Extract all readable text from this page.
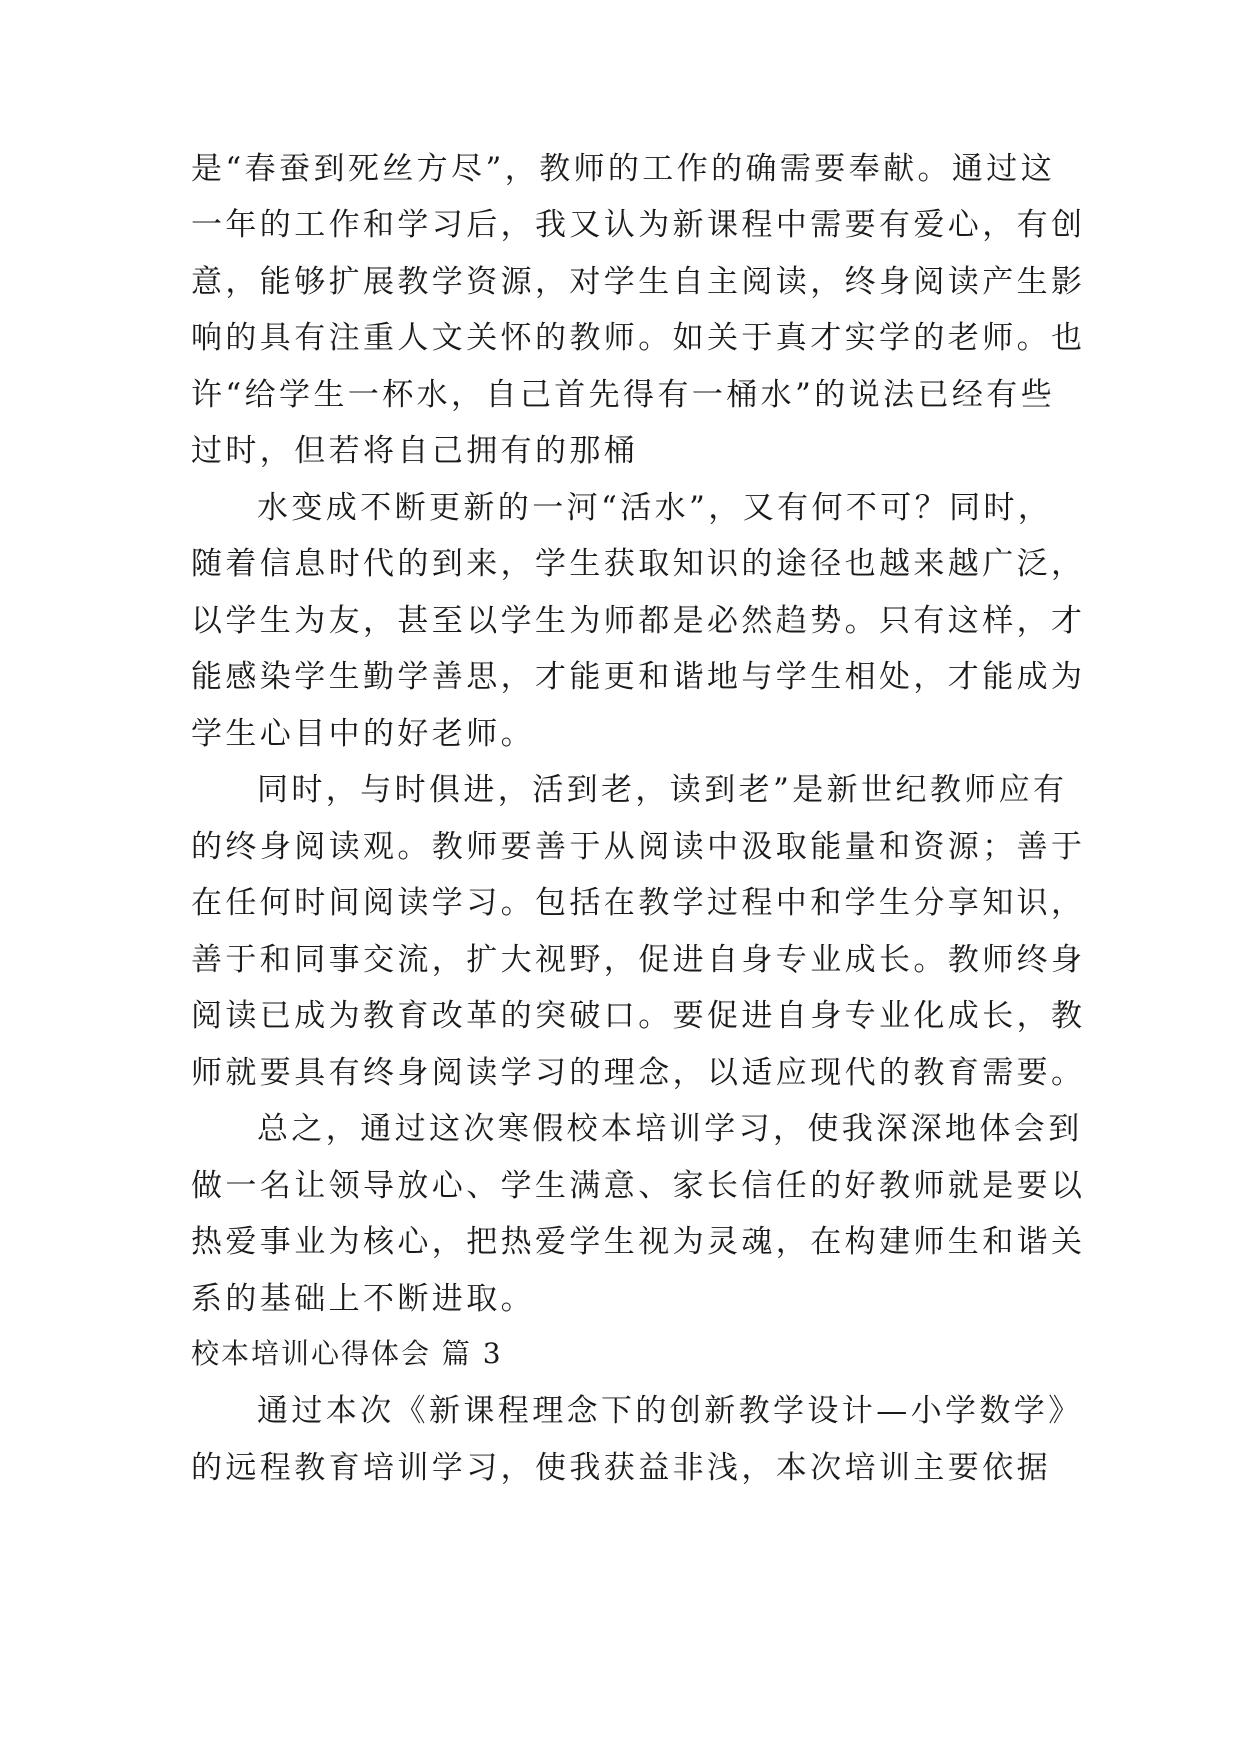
是“春蚕到死丝方尽”，教师的工作的确需要奉献。通过这
一年的工作和学习后，我又认为新课程中需要有爱心，有创
意，能够扩展教学资源，对学生自主阅读，终身阅读产生影
响的具有注重人文关怀的教师。如关于真才实学的老师。也
许“给学生一杯水，自己首先得有一桶水”的说法已经有些
过时，但若将自己拥有的那桶
水变成不断更新的一河“活水”，又有何不可？同时，
随着信息时代的到来，学生获取知识的途径也越来越广泛，
以学生为友，甚至以学生为师都是必然趋势。只有这样，才
能感染学生勤学善思，才能更和谐地与学生相处，才能成为
学生心目中的好老师。
同时，与时俱进，活到老，读到老”是新世纪教师应有
的终身阅读观。教师要善于从阅读中汲取能量和资源；善于
在任何时间阅读学习。包括在教学过程中和学生分享知识，
善于和同事交流，扩大视野，促进自身专业成长。教师终身
阅读已成为教育改革的突破口。要促进自身专业化成长，教
师就要具有终身阅读学习的理念，以适应现代的教育需要。
总之，通过这次寒假校本培训学习，使我深深地体会到
做一名让领导放心、学生满意、家长信任的好教师就是要以
热爱事业为核心，把热爱学生视为灵魂，在构建师生和谐关
系的基础上不断进取。
校本培训心得体会 篇 3
通过本次《新课程理念下的创新教学设计—小学数学》
的远程教育培训学习，使我获益非浅，本次培训主要依据
